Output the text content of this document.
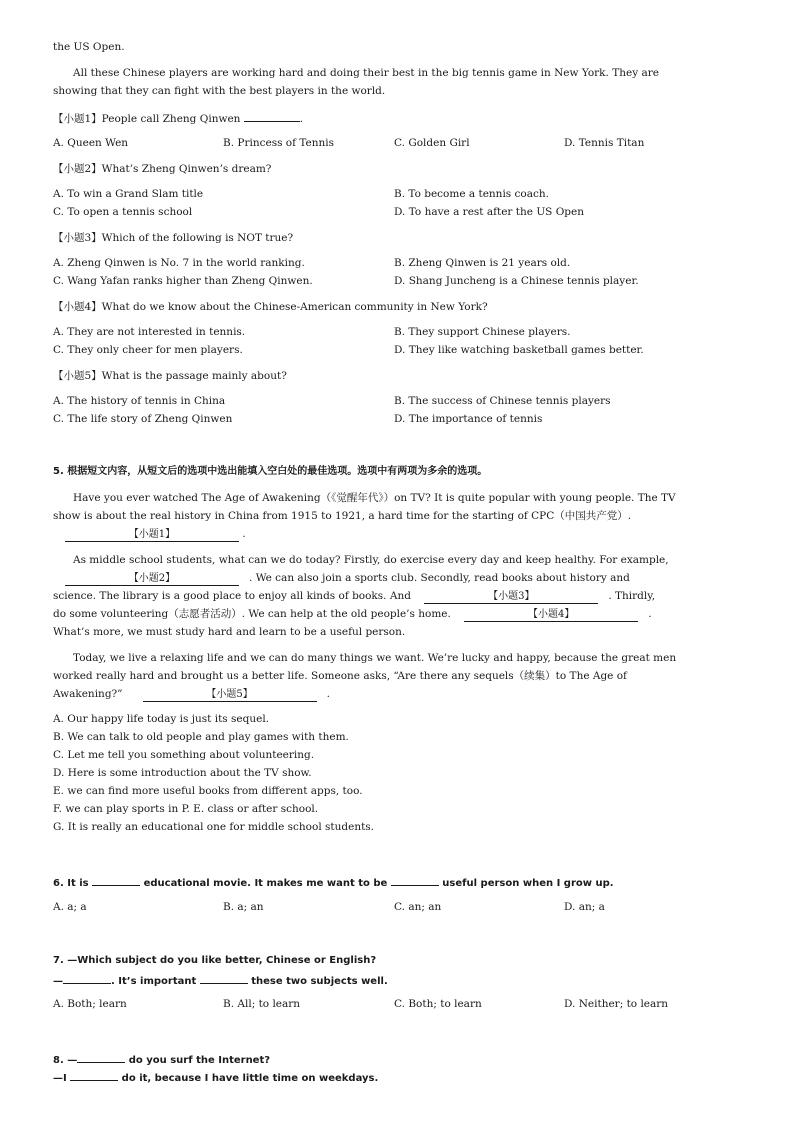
the US Open.
All these Chinese players are working hard and doing their best in the big tennis game in New York. They are
showing that they can fight with the best players in the world.
【小题1】People call Zheng Qinwen	.
A. Queen Wen	B. Princess of Tennis	C. Golden Girl	D. Tennis Titan
【小题2】What’s Zheng Qinwen’s dream?
A. To win a Grand Slam title	B. To become a tennis coach.
C. To open a tennis school	D. To have a rest after the US Open
【小题3】Which of the following is NOT true?
A. Zheng Qinwen is No. 7 in the world ranking.	B. Zheng Qinwen is 21 years old.
C. Wang Yafan ranks higher than Zheng Qinwen.	D. Shang Juncheng is a Chinese tennis player.
【小题4】What do we know about the Chinese-American community in New York?
A. They are not interested in tennis.	B. They support Chinese players.
C. They only cheer for men players.	D. They like watching basketball games better.
【小题5】What is the passage mainly about?
A. The history of tennis in China	B. The success of Chinese tennis players
C. The life story of Zheng Qinwen	D. The importance of tennis
5. 根据短文内容，从短文后的选项中选出能填入空白处的最佳选项。选项中有两项为多余的选项。
Have you ever watched The Age of Awakening（《觉醒年代》）on TV? It is quite popular with young people. The TV
show is about the real history in China from 1915 to 1921, a hard time for the starting of CPC（中国共产党）.
【小题1】	.
As middle school students, what can we do today? Firstly, do exercise every day and keep healthy. For example,
【小题2】	. We can also join a sports club. Secondly, read books about history and
science. The library is a good place to enjoy all kinds of books. And	【小题3】	. Thirdly,
do some volunteering（志愿者活动）. We can help at the old people’s home.	【小题4】	.
What’s more, we must study hard and learn to be a useful person.
Today, we live a relaxing life and we can do many things we want. We’re lucky and happy, because the great men
worked really hard and brought us a better life. Someone asks, “Are there any sequels（续集）to The Age of
Awakening?”	【小题5】	.
A. Our happy life today is just its sequel.
B. We can talk to old people and play games with them.
C. Let me tell you something about volunteering.
D. Here is some introduction about the TV show.
E. we can find more useful books from different apps, too.
F. we can play sports in P. E. class or after school.
G. It is really an educational one for middle school students.
6. It is	educational movie. It makes me want to be	useful person when I grow up.
A. a; a	B. a; an	C. an; an	D. an; a
7. —Which subject do you like better, Chinese or English?
—	. It’s important	these two subjects well.
A. Both; learn	B. All; to learn	C. Both; to learn	D. Neither; to learn
8. —	do you surf the Internet?
—I	do it, because I have little time on weekdays.
